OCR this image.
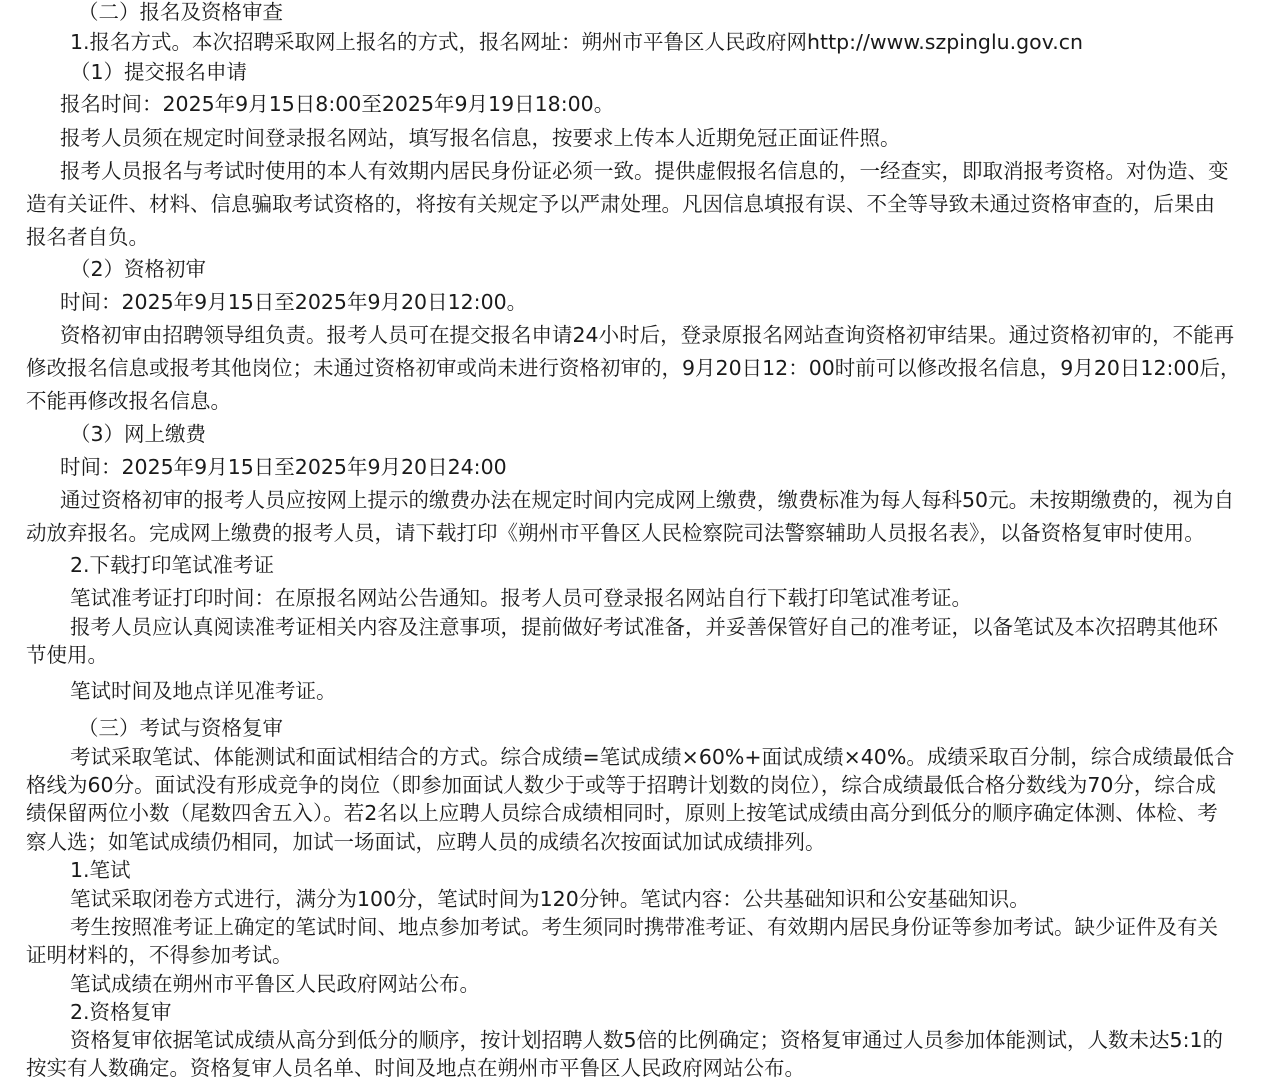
（二）报名及资格审查
1.报名方式。本次招聘采取网上报名的方式，报名网址：朔州市平鲁区人民政府网http://www.szpinglu.gov.cn
（1）提交报名申请
报名时间：2025年9月15日8:00至2025年9月19日18:00。
报考人员须在规定时间登录报名网站，填写报名信息，按要求上传本人近期免冠正面证件照。
报考人员报名与考试时使用的本人有效期内居民身份证必须一致。提供虚假报名信息的，一经查实，即取消报考资格。对伪造、变
造有关证件、材料、信息骗取考试资格的，将按有关规定予以严肃处理。凡因信息填报有误、不全等导致未通过资格审查的，后果由
报名者自负。
（2）资格初审
时间：2025年9月15日至2025年9月20日12:00。
资格初审由招聘领导组负责。报考人员可在提交报名申请24小时后，登录原报名网站查询资格初审结果。通过资格初审的，不能再
修改报名信息或报考其他岗位；未通过资格初审或尚未进行资格初审的，9月20日12：00时前可以修改报名信息，9月20日12:00后，
不能再修改报名信息。
（3）网上缴费
时间：2025年9月15日至2025年9月20日24:00
通过资格初审的报考人员应按网上提示的缴费办法在规定时间内完成网上缴费，缴费标准为每人每科50元。未按期缴费的，视为自
动放弃报名。完成网上缴费的报考人员，请下载打印《朔州市平鲁区人民检察院司法警察辅助人员报名表》，以备资格复审时使用。
2.下载打印笔试准考证
笔试准考证打印时间：在原报名网站公告通知。报考人员可登录报名网站自行下载打印笔试准考证。
报考人员应认真阅读准考证相关内容及注意事项，提前做好考试准备，并妥善保管好自己的准考证，以备笔试及本次招聘其他环
节使用。
笔试时间及地点详见准考证。
（三）考试与资格复审
考试采取笔试、体能测试和面试相结合的方式。综合成绩=笔试成绩×60%+面试成绩×40%。成绩采取百分制，综合成绩最低合
格线为60分。面试没有形成竞争的岗位（即参加面试人数少于或等于招聘计划数的岗位），综合成绩最低合格分数线为70分，综合成
绩保留两位小数（尾数四舍五入）。若2名以上应聘人员综合成绩相同时，原则上按笔试成绩由高分到低分的顺序确定体测、体检、考
察人选；如笔试成绩仍相同，加试一场面试，应聘人员的成绩名次按面试加试成绩排列。
1.笔试
笔试采取闭卷方式进行，满分为100分，笔试时间为120分钟。笔试内容：公共基础知识和公安基础知识。
考生按照准考证上确定的笔试时间、地点参加考试。考生须同时携带准考证、有效期内居民身份证等参加考试。缺少证件及有关
证明材料的，不得参加考试。
笔试成绩在朔州市平鲁区人民政府网站公布。
2.资格复审
资格复审依据笔试成绩从高分到低分的顺序，按计划招聘人数5倍的比例确定；资格复审通过人员参加体能测试，人数未达5:1的
按实有人数确定。资格复审人员名单、时间及地点在朔州市平鲁区人民政府网站公布。
